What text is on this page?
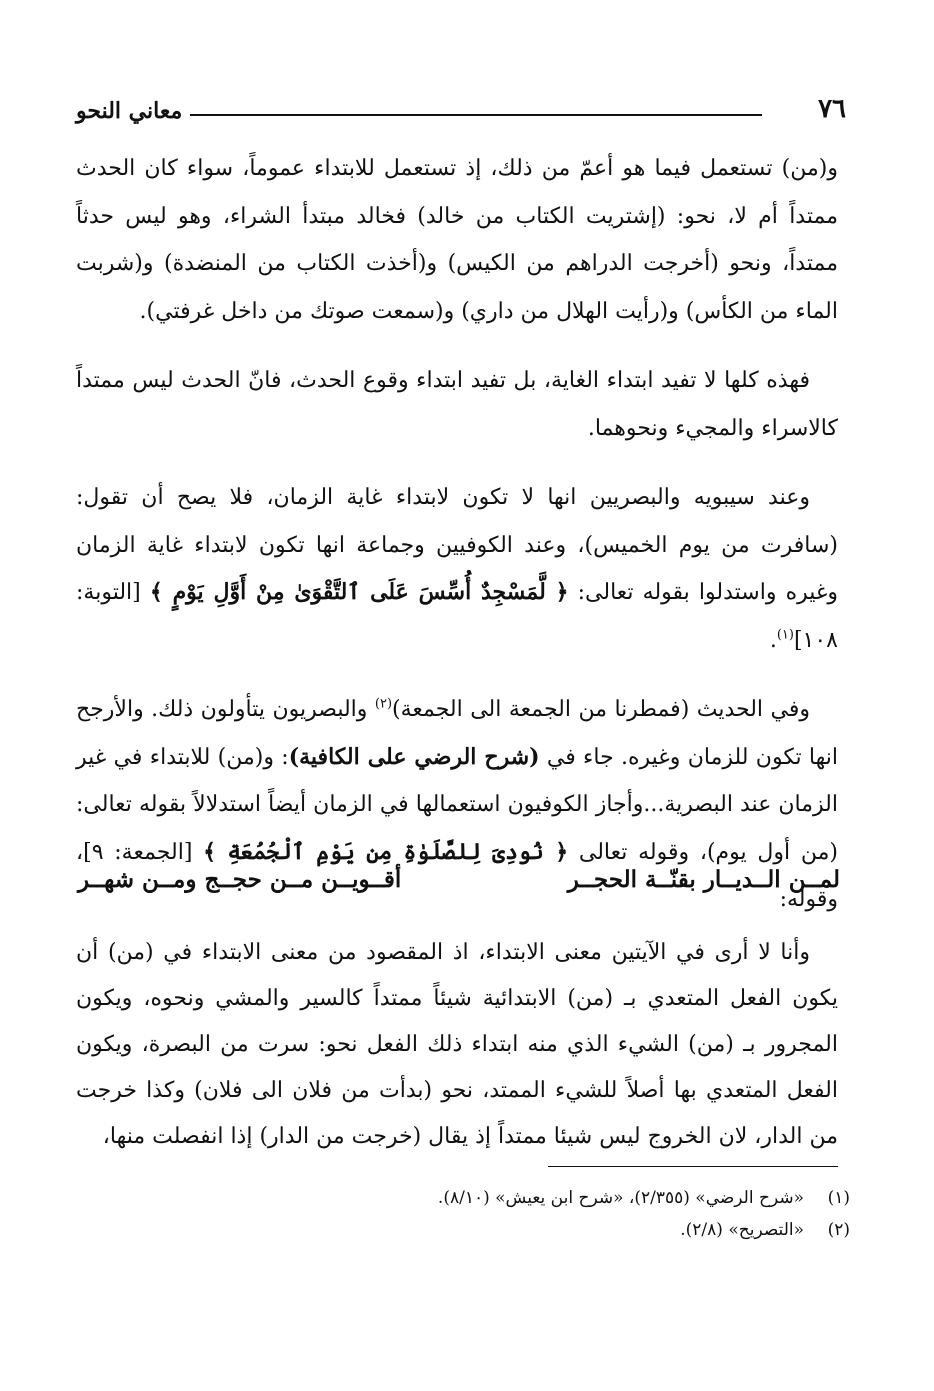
٧٦
معاني النحو

و(من) تستعمل فيما هو أعمّ من ذلك، إذ تستعمل للابتداء عموماً، سواء كان الحدث ممتداً أم لا، نحو: (إشتريت الكتاب من خالد) فخالد مبتدأ الشراء، وهو ليس حدثاً ممتداً، ونحو (أخرجت الدراهم من الكيس) و(أخذت الكتاب من المنضدة) و(شربت الماء من الكأس) و(رأيت الهلال من داري) و(سمعت صوتك من داخل غرفتي).

فهذه كلها لا تفيد ابتداء الغاية، بل تفيد ابتداء وقوع الحدث، فانّ الحدث ليس ممتداً كالاسراء والمجيء ونحوهما.

وعند سيبويه والبصريين انها لا تكون لابتداء غاية الزمان، فلا يصح أن تقول: (سافرت من يوم الخميس)، وعند الكوفيين وجماعة انها تكون لابتداء غاية الزمان وغيره واستدلوا بقوله تعالى: ﴿ لَّمَسْجِدٌ أُسِّسَ عَلَى ٱلتَّقْوَىٰ مِنْ أَوَّلِ يَوْمٍ ﴾ [التوبة: ١٠٨]$^{(١)}$.

وفي الحديث (فمطرنا من الجمعة الى الجمعة)$^{(٢)}$ والبصريون يتأولون ذلك. والأرجح انها تكون للزمان وغيره. جاء في (شرح الرضي على الكافية): و(من) للابتداء في غير الزمان عند البصرية...وأجاز الكوفيون استعمالها في الزمان أيضاً استدلالاً بقوله تعالى: (من أول يوم)، وقوله تعالى ﴿ نُودِىَ لِلصَّلَوٰةِ مِن يَوْمِ ٱلْجُمُعَةِ ﴾ [الجمعة: ٩]، وقوله:

لمــن الــديــار بقنّــة الحجــر
أقــويــن مــن حجــج ومــن شهــر

وأنا لا أرى في الآيتين معنى الابتداء، اذ المقصود من معنى الابتداء في (من) أن يكون الفعل المتعدي بـ (من) الابتدائية شيئاً ممتداً كالسير والمشي ونحوه، ويكون المجرور بـ (من) الشيء الذي منه ابتداء ذلك الفعل نحو: سرت من البصرة، ويكون الفعل المتعدي بها أصلاً للشيء الممتد، نحو (بدأت من فلان الى فلان) وكذا خرجت من الدار، لان الخروج ليس شيئا ممتداً إذ يقال (خرجت من الدار) إذا انفصلت منها،

(١)«شرح الرضي» (٢/٣٥٥)، «شرح ابن يعيش» (٨/١٠).
(٢)«التصريح» (٢/٨).
